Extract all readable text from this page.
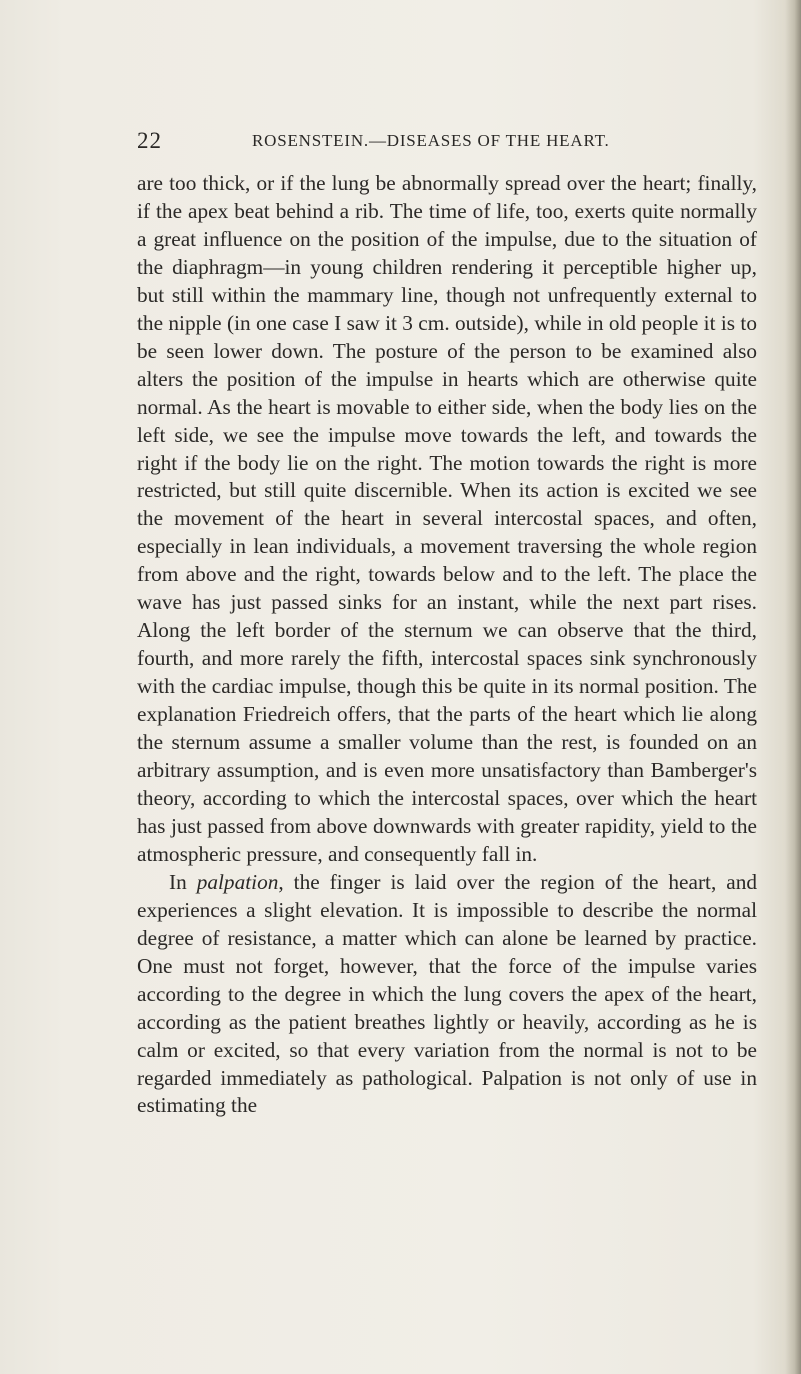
22	ROSENSTEIN.—DISEASES OF THE HEART.

are too thick, or if the lung be abnormally spread over the heart; finally, if the apex beat behind a rib. The time of life, too, exerts quite normally a great influence on the position of the impulse, due to the situation of the diaphragm—in young children rendering it perceptible higher up, but still within the mammary line, though not unfrequently external to the nipple (in one case I saw it 3 cm. outside), while in old people it is to be seen lower down. The posture of the person to be examined also alters the position of the impulse in hearts which are otherwise quite normal. As the heart is movable to either side, when the body lies on the left side, we see the impulse move towards the left, and towards the right if the body lie on the right. The motion towards the right is more restricted, but still quite discernible. When its action is excited we see the movement of the heart in several intercostal spaces, and often, especially in lean individuals, a movement traversing the whole region from above and the right, towards below and to the left. The place the wave has just passed sinks for an instant, while the next part rises. Along the left border of the sternum we can observe that the third, fourth, and more rarely the fifth, intercostal spaces sink synchronously with the cardiac impulse, though this be quite in its normal position. The explanation Friedreich offers, that the parts of the heart which lie along the sternum assume a smaller volume than the rest, is founded on an arbitrary assumption, and is even more unsatisfactory than Bamberger's theory, according to which the intercostal spaces, over which the heart has just passed from above downwards with greater rapidity, yield to the atmospheric pressure, and consequently fall in.

In palpation, the finger is laid over the region of the heart, and experiences a slight elevation. It is impossible to describe the normal degree of resistance, a matter which can alone be learned by practice. One must not forget, however, that the force of the impulse varies according to the degree in which the lung covers the apex of the heart, according as the patient breathes lightly or heavily, according as he is calm or excited, so that every variation from the normal is not to be regarded immediately as pathological. Palpation is not only of use in estimating the
